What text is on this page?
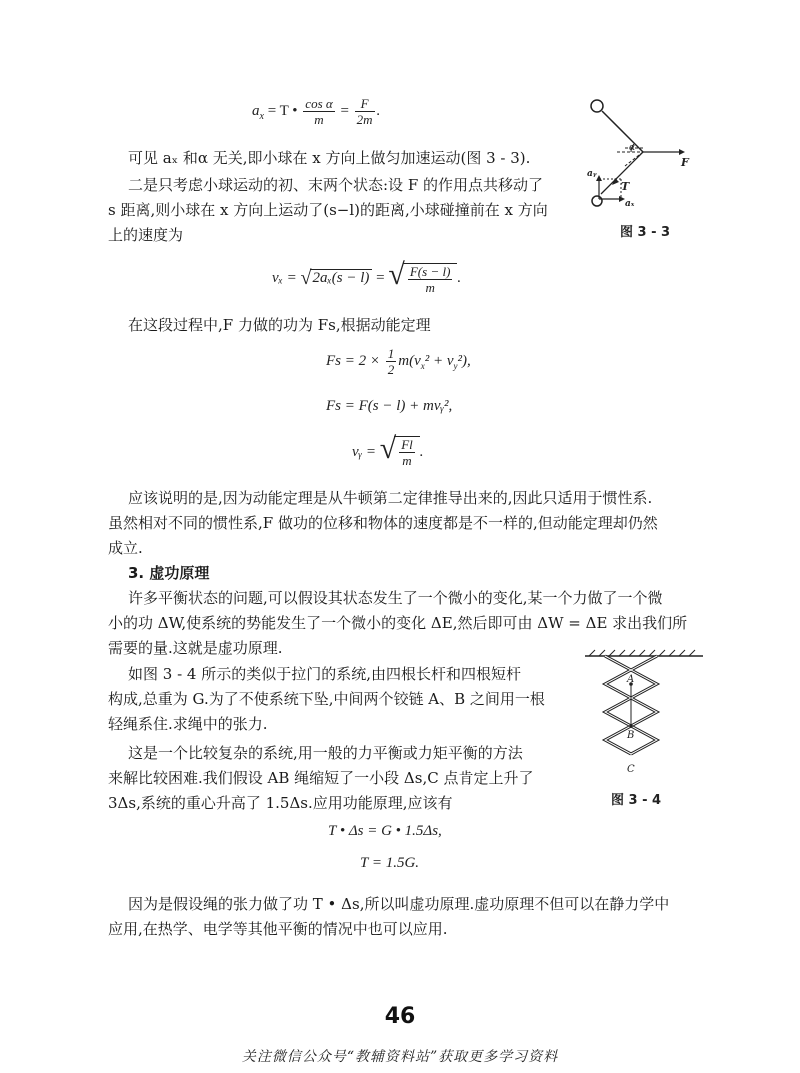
$a_x = T$ • $\frac{\text{cos α}}{m} = \frac{F}{2m}$ .

可见 aₓ 和α 无关,即小球在 x 方向上做匀加速运动(图 3 - 3).

二是只考虑小球运动的初、末两个状态:设 F 的作用点共移动了

s 距离,则小球在 x 方向上运动了(s−l)的距离,小球碰撞前在 x 方向

上的速度为

α
F
aᵧ
T
aₓ
图 3 - 3
vₓ = √2aₓ(s − l) = √ $\frac{F(s - l)}{m}$ .

在这段过程中,F 力做的功为 Fs,根据动能定理

$Fs = 2 \times \frac{1}{2} m(v_x^2 + v_y^2)$,
Fs = F(s − l) + mvᵧ²,
vᵧ = √ $\frac{Fl}{m}$ .

应该说明的是,因为动能定理是从牛顿第二定律推导出来的,因此只适用于惯性系.

虽然相对不同的惯性系,F 做功的位移和物体的速度都是不一样的,但动能定理却仍然

成立.

3. 虚功原理

许多平衡状态的问题,可以假设其状态发生了一个微小的变化,某一个力做了一个微

小的功 ΔW,使系统的势能发生了一个微小的变化 ΔE,然后即可由 ΔW = ΔE 求出我们所

需要的量.这就是虚功原理.

如图 3 - 4 所示的类似于拉门的系统,由四根长杆和四根短杆

构成,总重为 G.为了不使系统下坠,中间两个铰链 A、B 之间用一根

轻绳系住.求绳中的张力.

这是一个比较复杂的系统,用一般的力平衡或力矩平衡的方法

来解比较困难.我们假设 AB 绳缩短了一小段 Δs,C 点肯定上升了

3Δs,系统的重心升高了 1.5Δs.应用功能原理,应该有

A
B
C
图 3 - 4
T • Δs = G • 1.5Δs,
T = 1.5G.

因为是假设绳的张力做了功 T • Δs,所以叫虚功原理.虚功原理不但可以在静力学中

应用,在热学、电学等其他平衡的情况中也可以应用.

46
关注微信公众号“教辅资料站”获取更多学习资料
